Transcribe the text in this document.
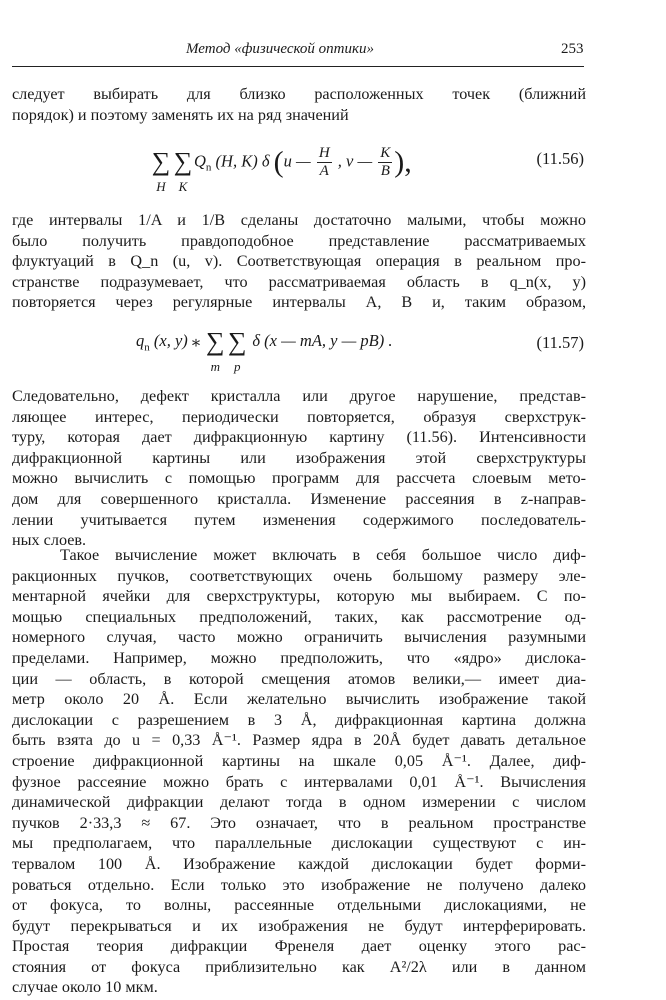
Метод «физической оптики»	253
следует выбирать для близко расположенных точек (ближний
порядок) и поэтому заменять их на ряд значений
∑
H
∑
K
$Q_n$ (H, K) δ (u — $\frac{H}{A}$ , v — $\frac{K}{B}$ ),	(11.56)
где интервалы 1/A и 1/B сделаны достаточно малыми, чтобы можно
было получить правдоподобное представление рассматриваемых
флуктуаций в Q_n (u, v). Соответствующая операция в реальном про-
странстве подразумевает, что рассматриваемая область в q_n(x, y)
повторяется через регулярные интервалы A, B и, таким образом,
$q_n$ (x, y) ⁎ ∑
m
∑
p
δ (x — mA, y — pB) .	(11.57)
Следовательно, дефект кристалла или другое нарушение, представ-
ляющее интерес, периодически повторяется, образуя сверхструк-
туру, которая дает дифракционную картину (11.56). Интенсивности
дифракционной картины или изображения этой сверхструктуры
можно вычислить с помощью программ для рассчета слоевым мето-
дом для совершенного кристалла. Изменение рассеяния в z-направ-
лении учитывается путем изменения содержимого последователь-
ных слоев.
Такое вычисление может включать в себя большое число диф-
ракционных пучков, соответствующих очень большому размеру эле-
ментарной ячейки для сверхструктуры, которую мы выбираем. С по-
мощью специальных предположений, таких, как рассмотрение од-
номерного случая, часто можно ограничить вычисления разумными
пределами. Например, можно предположить, что «ядро» дислока-
ции — область, в которой смещения атомов велики,— имеет диа-
метр около 20 Å. Если желательно вычислить изображение такой
дислокации с разрешением в 3 Å, дифракционная картина должна
быть взята до u = 0,33 Å⁻¹. Размер ядра в 20Å будет давать детальное
строение дифракционной картины на шкале 0,05 Å⁻¹. Далее, диф-
фузное рассеяние можно брать с интервалами 0,01 Å⁻¹. Вычисления
динамической дифракции делают тогда в одном измерении с числом
пучков 2·33,3 ≈ 67. Это означает, что в реальном пространстве
мы предполагаем, что параллельные дислокации существуют с ин-
тервалом 100 Å. Изображение каждой дислокации будет форми-
роваться отдельно. Если только это изображение не получено далеко
от фокуса, то волны, рассеянные отдельными дислокациями, не
будут перекрываться и их изображения не будут интерферировать.
Простая теория дифракции Френеля дает оценку этого рас-
стояния от фокуса приблизительно как A²/2λ или в данном
случае около 10 мкм.
